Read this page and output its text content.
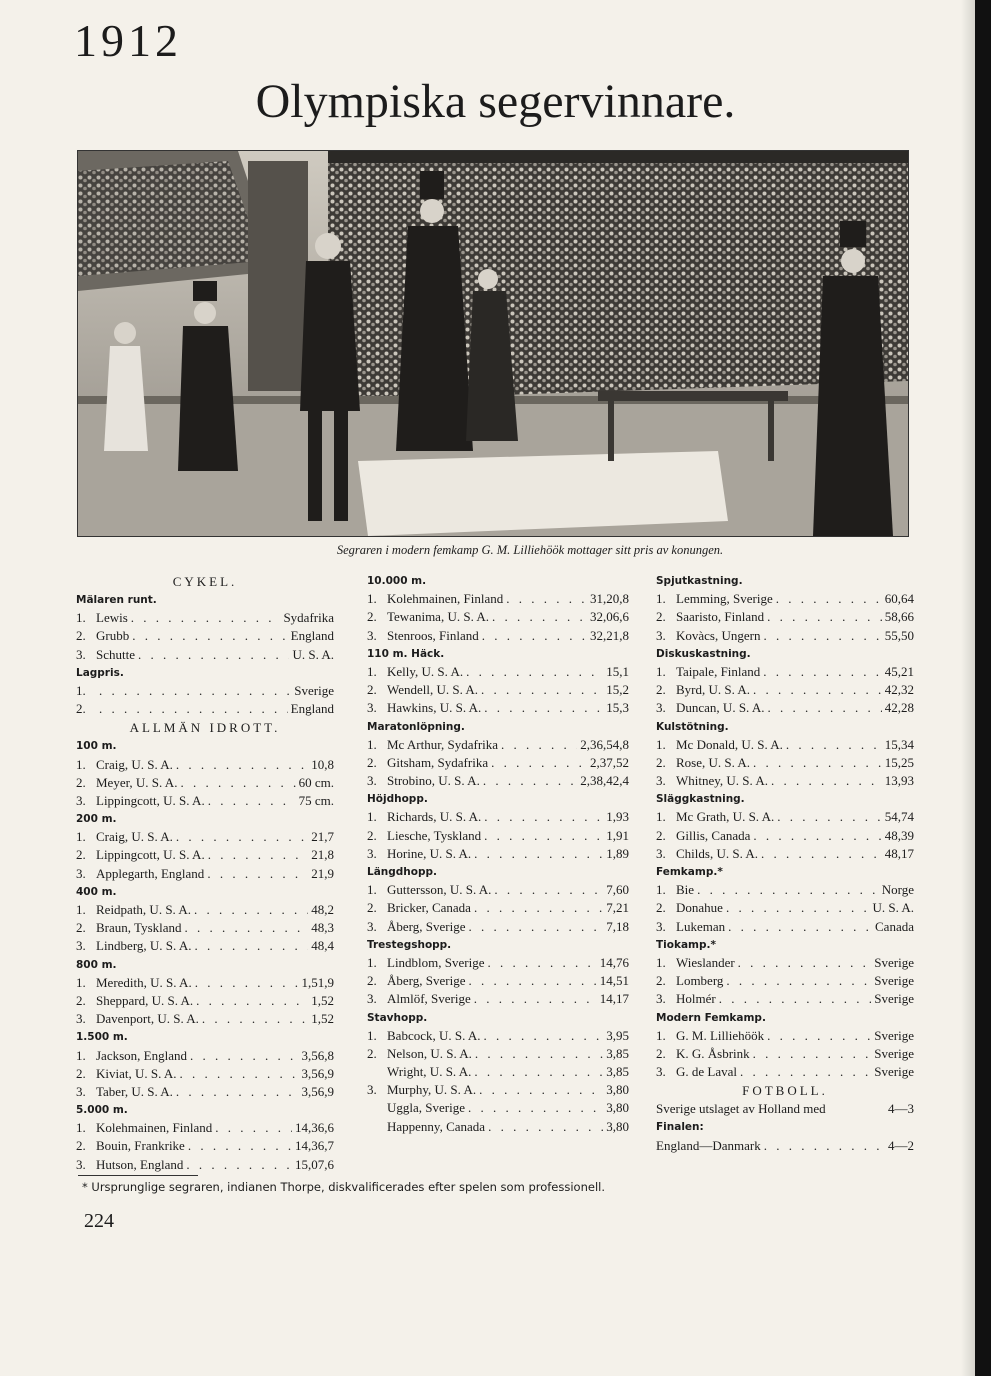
1912
Olympiska segervinnare.
Segraren i modern femkamp G. M. Lilliehöök mottager sitt pris av konungen.
CYKEL.
Mälaren runt.
1. Lewis . . .	Sydafrika
2. Grubb . . .	England
3. Schutte . . .	U. S. A.
Lagpris.
1. . . .	Sverige
2. . . .	England
ALLMÄN IDROTT.
100 m.
1. Craig, U. S. A. . . .	10,8
2. Meyer, U. S. A. . . .	60 cm.
3. Lippingcott, U. S. A. . . .	75 cm.
200 m.
1. Craig, U. S. A. . . .	21,7
2. Lippingcott, U. S. A. . . .	21,8
3. Applegarth, England . . .	21,9
400 m.
1. Reidpath, U. S. A. . . .	48,2
2. Braun, Tyskland . . .	48,3
3. Lindberg, U. S. A. . . .	48,4
800 m.
1. Meredith, U. S. A. . . .	1,51,9
2. Sheppard, U. S. A. . . .	1,52
3. Davenport, U. S. A. . . .	1,52
1.500 m.
1. Jackson, England . . .	3,56,8
2. Kiviat, U. S. A. . . .	3,56,9
3. Taber, U. S. A. . . .	3,56,9
5.000 m.
1. Kolehmainen, Finland . . .	14,36,6
2. Bouin, Frankrike . . .	14,36,7
3. Hutson, England . . .	15,07,6
10.000 m.
1. Kolehmainen, Finland . . .	31,20,8
2. Tewanima, U. S. A. . . .	32,06,6
3. Stenroos, Finland . . .	32,21,8
110 m. Häck.
1. Kelly, U. S. A. . . .	15,1
2. Wendell, U. S. A. . . .	15,2
3. Hawkins, U. S. A. . . .	15,3
Maratonlöpning.
1. Mc Arthur, Sydafrika . . .	2,36,54,8
2. Gitsham, Sydafrika . . .	2,37,52
3. Strobino, U. S. A. . . .	2,38,42,4
Höjdhopp.
1. Richards, U. S. A. . . .	1,93
2. Liesche, Tyskland . . .	1,91
3. Horine, U. S. A. . . .	1,89
Längdhopp.
1. Guttersson, U. S. A. . . .	7,60
2. Bricker, Canada . . .	7,21
3. Åberg, Sverige . . .	7,18
Trestegshopp.
1. Lindblom, Sverige . . .	14,76
2. Åberg, Sverige . . .	14,51
3. Almlöf, Sverige . . .	14,17
Stavhopp.
1. Babcock, U. S. A. . . .	3,95
2. Nelson, U. S. A. . . .	3,85
Wright, U. S. A. . . .	3,85
3. Murphy, U. S. A. . . .	3,80
Uggla, Sverige . . .	3,80
Happenny, Canada . . .	3,80
Spjutkastning.
1. Lemming, Sverige . . .	60,64
2. Saaristo, Finland . . .	58,66
3. Kovàcs, Ungern . . .	55,50
Diskuskastning.
1. Taipale, Finland . . .	45,21
2. Byrd, U. S. A. . . .	42,32
3. Duncan, U. S. A. . . .	42,28
Kulstötning.
1. Mc Donald, U. S. A. . . .	15,34
2. Rose, U. S. A. . . .	15,25
3. Whitney, U. S. A. . . .	13,93
Släggkastning.
1. Mc Grath, U. S. A. . . .	54,74
2. Gillis, Canada . . .	48,39
3. Childs, U. S. A. . . .	48,17
Femkamp.*
1. Bie . . .	Norge
2. Donahue . . .	U. S. A.
3. Lukeman . . .	Canada
Tiokamp.*
1. Wieslander . . .	Sverige
2. Lomberg . . .	Sverige
3. Holmér . . .	Sverige
Modern Femkamp.
1. G. M. Lilliehöök . . .	Sverige
2. K. G. Åsbrink . . .	Sverige
3. G. de Laval . . .	Sverige
FOTBOLL.
Sverige utslaget av Holland med	4—3
Finalen:
England—Danmark . . .	4—2
* Ursprunglige segraren, indianen Thorpe, diskvalificerades efter spelen som professionell.
224
